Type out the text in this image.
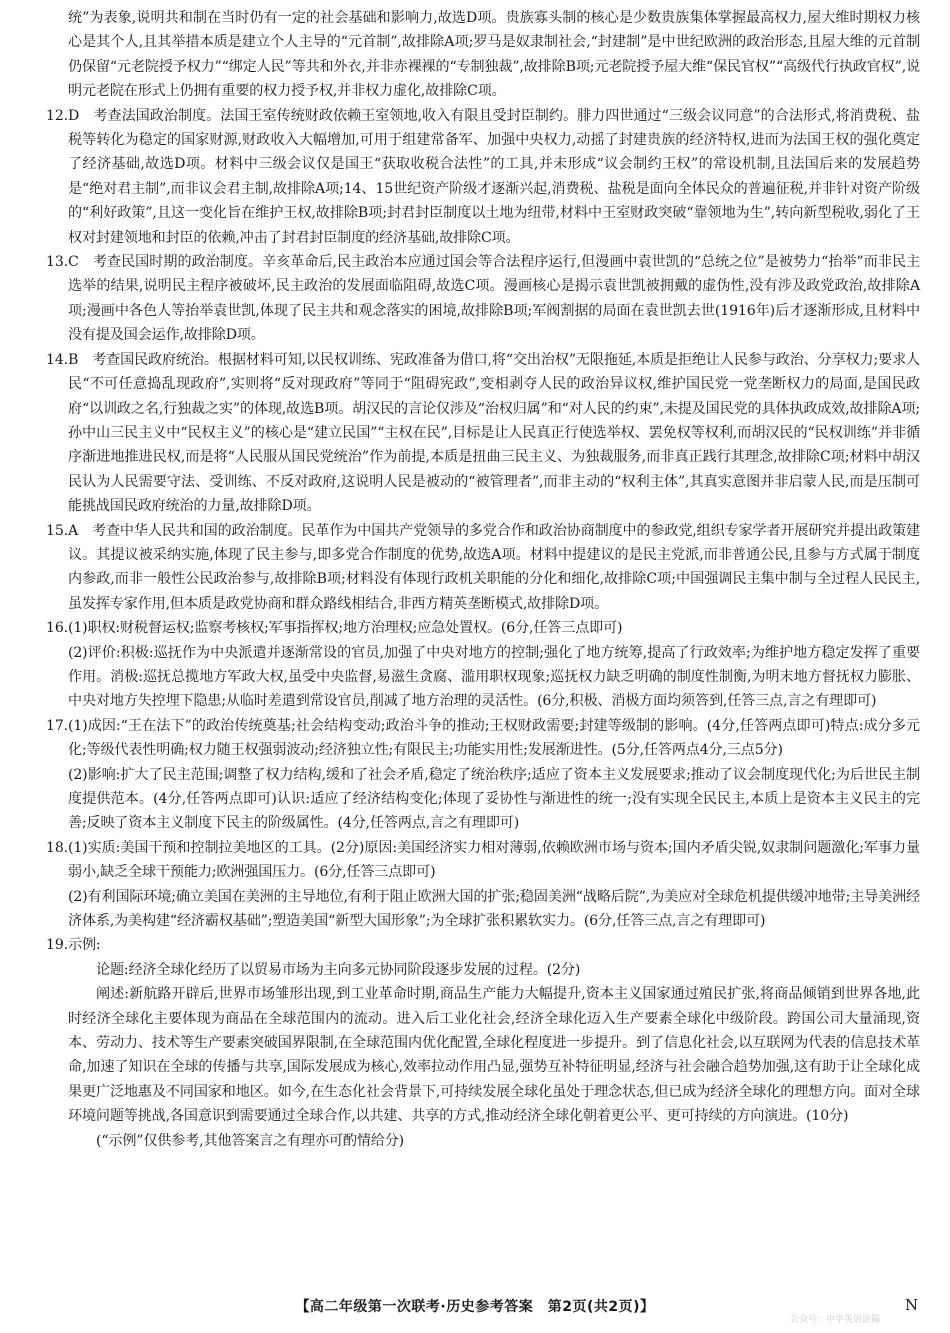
统”为表象,说明共和制在当时仍有一定的社会基础和影响力,故选D项。贵族寡头制的核心是少数贵族集体掌握最高权力,屋大维时期权力核心是其个人,且其举措本质是建立个人主导的“元首制”,故排除A项;罗马是奴隶制社会,“封建制”是中世纪欧洲的政治形态,且屋大维的元首制仍保留“元老院授予权力”“绑定人民”等共和外衣,并非赤裸裸的“专制独裁”,故排除B项;元老院授予屋大维“保民官权”“高级代行执政官权”,说明元老院在形式上仍拥有重要的权力授予权,并非权力虚化,故排除C项。

12.D　考查法国政治制度。法国王室传统财政依赖王室领地,收入有限且受封臣制约。腓力四世通过“三级会议同意”的合法形式,将消费税、盐税等转化为稳定的国家财源,财政收入大幅增加,可用于组建常备军、加强中央权力,动摇了封建贵族的经济特权,进而为法国王权的强化奠定了经济基础,故选D项。材料中三级会议仅是国王“获取收税合法性”的工具,并未形成“议会制约王权”的常设机制,且法国后来的发展趋势是“绝对君主制”,而非议会君主制,故排除A项;14、15世纪资产阶级才逐渐兴起,消费税、盐税是面向全体民众的普遍征税,并非针对资产阶级的“利好政策”,且这一变化旨在维护王权,故排除B项;封君封臣制度以土地为纽带,材料中王室财政突破“靠领地为生”,转向新型税收,弱化了王权对封建领地和封臣的依赖,冲击了封君封臣制度的经济基础,故排除C项。

13.C　考查民国时期的政治制度。辛亥革命后,民主政治本应通过国会等合法程序运行,但漫画中袁世凯的“总统之位”是被势力“抬举”而非民主选举的结果,说明民主程序被破坏,民主政治的发展面临阻碍,故选C项。漫画核心是揭示袁世凯被拥戴的虚伪性,没有涉及政党政治,故排除A项;漫画中各色人等抬举袁世凯,体现了民主共和观念落实的困境,故排除B项;军阀割据的局面在袁世凯去世(1916年)后才逐渐形成,且材料中没有提及国会运作,故排除D项。

14.B　考查国民政府统治。根据材料可知,以民权训练、宪政准备为借口,将“交出治权”无限拖延,本质是拒绝让人民参与政治、分享权力;要求人民“不可任意捣乱现政府”,实则将“反对现政府”等同于“阻碍宪政”,变相剥夺人民的政治异议权,维护国民党一党垄断权力的局面,是国民政府“以训政之名,行独裁之实”的体现,故选B项。胡汉民的言论仅涉及“治权归属”和“对人民的约束”,未提及国民党的具体执政成效,故排除A项;孙中山三民主义中“民权主义”的核心是“建立民国”“主权在民”,目标是让人民真正行使选举权、罢免权等权利,而胡汉民的“民权训练”并非循序渐进地推进民权,而是将“人民服从国民党统治”作为前提,本质是扭曲三民主义、为独裁服务,而非真正践行其理念,故排除C项;材料中胡汉民认为人民需要守法、受训练、不反对政府,这说明人民是被动的“被管理者”,而非主动的“权利主体”,其真实意图并非启蒙人民,而是压制可能挑战国民政府统治的力量,故排除D项。

15.A　考查中华人民共和国的政治制度。民革作为中国共产党领导的多党合作和政治协商制度中的参政党,组织专家学者开展研究并提出政策建议。其提议被采纳实施,体现了民主参与,即多党合作制度的优势,故选A项。材料中提建议的是民主党派,而非普通公民,且参与方式属于制度内参政,而非一般性公民政治参与,故排除B项;材料没有体现行政机关职能的分化和细化,故排除C项;中国强调民主集中制与全过程人民民主,虽发挥专家作用,但本质是政党协商和群众路线相结合,非西方精英垄断模式,故排除D项。

16.(1)职权:财税督运权;监察考核权;军事指挥权;地方治理权;应急处置权。(6分,任答三点即可)

(2)评价:积极:巡抚作为中央派遣并逐渐常设的官员,加强了中央对地方的控制;强化了地方统筹,提高了行政效率;为维护地方稳定发挥了重要作用。消极:巡抚总揽地方军政大权,虽受中央监督,易滋生贪腐、滥用职权现象;巡抚权力缺乏明确的制度性制衡,为明末地方督抚权力膨胀、中央对地方失控埋下隐患;从临时差遣到常设官员,削减了地方治理的灵活性。(6分,积极、消极方面均须答到,任答三点,言之有理即可)

17.(1)成因:“王在法下”的政治传统奠基;社会结构变动;政治斗争的推动;王权财政需要;封建等级制的影响。(4分,任答两点即可)特点:成分多元化;等级代表性明确;权力随王权强弱波动;经济独立性;有限民主;功能实用性;发展渐进性。(5分,任答两点4分,三点5分)

(2)影响:扩大了民主范围;调整了权力结构,缓和了社会矛盾,稳定了统治秩序;适应了资本主义发展要求;推动了议会制度现代化;为后世民主制度提供范本。(4分,任答两点即可)认识:适应了经济结构变化;体现了妥协性与渐进性的统一;没有实现全民民主,本质上是资本主义民主的完善;反映了资本主义制度下民主的阶级属性。(4分,任答两点,言之有理即可)

18.(1)实质:美国干预和控制拉美地区的工具。(2分)原因:美国经济实力相对薄弱,依赖欧洲市场与资本;国内矛盾尖锐,奴隶制问题激化;军事力量弱小,缺乏全球干预能力;欧洲强国压力。(6分,任答三点即可)

(2)有利国际环境;确立美国在美洲的主导地位,有利于阻止欧洲大国的扩张;稳固美洲“战略后院”,为美应对全球危机提供缓冲地带;主导美洲经济体系,为美构建“经济霸权基础”;塑造美国“新型大国形象”;为全球扩张积累软实力。(6分,任答三点,言之有理即可)

19.示例:

论题:经济全球化经历了以贸易市场为主向多元协同阶段逐步发展的过程。(2分)

阐述:新航路开辟后,世界市场雏形出现,到工业革命时期,商品生产能力大幅提升,资本主义国家通过殖民扩张,将商品倾销到世界各地,此时经济全球化主要体现为商品在全球范围内的流动。进入后工业化社会,经济全球化迈入生产要素全球化中级阶段。跨国公司大量涌现,资本、劳动力、技术等生产要素突破国界限制,在全球范围内优化配置,全球化程度进一步提升。到了信息化社会,以互联网为代表的信息技术革命,加速了知识在全球的传播与共享,国际发展成为核心,效率拉动作用凸显,强势互补特征明显,经济与社会融合趋势加强,这有助于让全球化成果更广泛地惠及不同国家和地区。如今,在生态化社会背景下,可持续发展全球化虽处于理念状态,但已成为经济全球化的理想方向。面对全球环境问题等挑战,各国意识到需要通过全球合作,以共建、共享的方式,推动经济全球化朝着更公平、更可持续的方向演进。(10分)

(“示例”仅供参考,其他答案言之有理亦可酌情给分)

【高二年级第一次联考·历史参考答案　第2页(共2页)】	N
公众号：中学英语语篇
